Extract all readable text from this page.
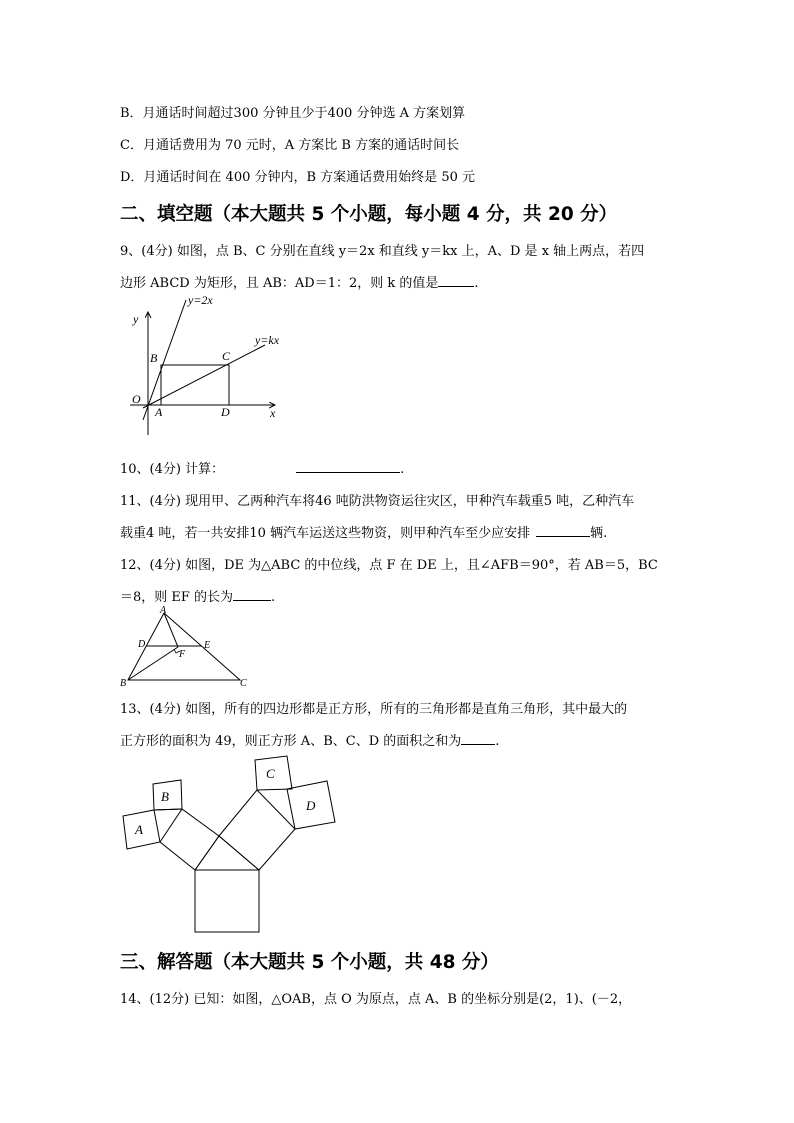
B．月通话时间超过300 分钟且少于400 分钟选 A 方案划算
C．月通话费用为 70 元时，A 方案比 B 方案的通话时间长
D．月通话时间在 400 分钟内，B 方案通话费用始终是 50 元
二、填空题（本大题共 5 个小题，每小题 4 分，共 20 分）
9、(4分) 如图，点 B、C 分别在直线 y＝2x 和直线 y＝kx 上，A、D 是 x 轴上两点，若四
边形 ABCD 为矩形，且 AB：AD＝1：2，则 k 的值是	.
y=2x
y=kx
y
x
O
A
B	C
D
10、(4分) 计算：	.
11、(4分) 现用甲、乙两种汽车将46 吨防洪物资运往灾区，甲种汽车载重5 吨，乙种汽车
载重4 吨，若一共安排10 辆汽车运送这些物资，则甲种汽车至少应安排	辆.
12、(4分) 如图，DE 为△ABC 的中位线，点 F 在 DE 上，且∠AFB＝90°，若 AB＝5，BC
＝8，则 EF 的长为	.
A
B	C
D	E
F
13、(4分) 如图，所有的四边形都是正方形，所有的三角形都是直角三角形，其中最大的
正方形的面积为 49，则正方形 A、B、C、D 的面积之和为	.
A
B
C
D
三、解答题（本大题共 5 个小题，共 48 分）
14、(12分) 已知：如图，△OAB，点 O 为原点，点 A、B 的坐标分别是(2，1)、(－2，
